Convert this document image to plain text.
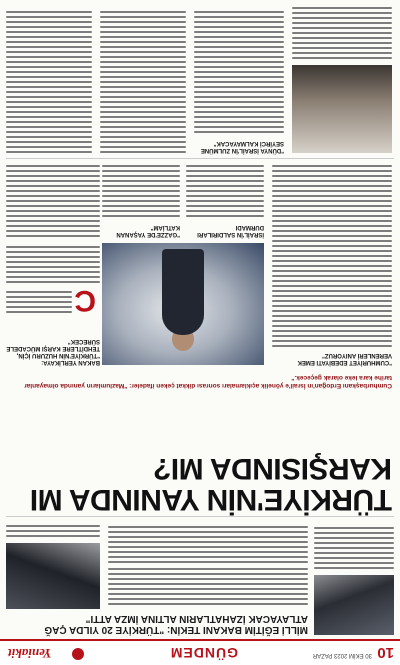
10
30 EKİM 2023 PAZAR
GÜNDEM
Yeniakit
MİLLİ EĞİTİM BAKANI TEKİN: "TÜRKİYE 20 YILDA ÇAĞ ATLAYACAK İZAHATLARIN ALTINA İMZA ATTI"
TÜRKİYE'NİN YANINDA MI KARŞISINDA MI?
Cumhurbaşkanı Erdoğan'ın İsrail'e yönelik açıklamaları sonrası dikkat çeken ifadeler: "Mazlumların yanında olmayanlar tarihe kara leke olarak geçecek."
"CUMHURİYET EDEBİYATI EMEK VERENLERİ ANIYORUZ"
BAKAN YERLİKAYA: "TÜRKİYE'NİN HUZURU İÇİN, TEHDİTLERE KARŞI MÜCADELE SÜRECEK"
C
İSRAİL'İN SALDIRILARI DURMADI
"GAZZE'DE YAŞANAN KATLİAM"
"DÜNYA İSRAİL'İN ZULMÜNE SEYİRCİ KALMAYACAK"
